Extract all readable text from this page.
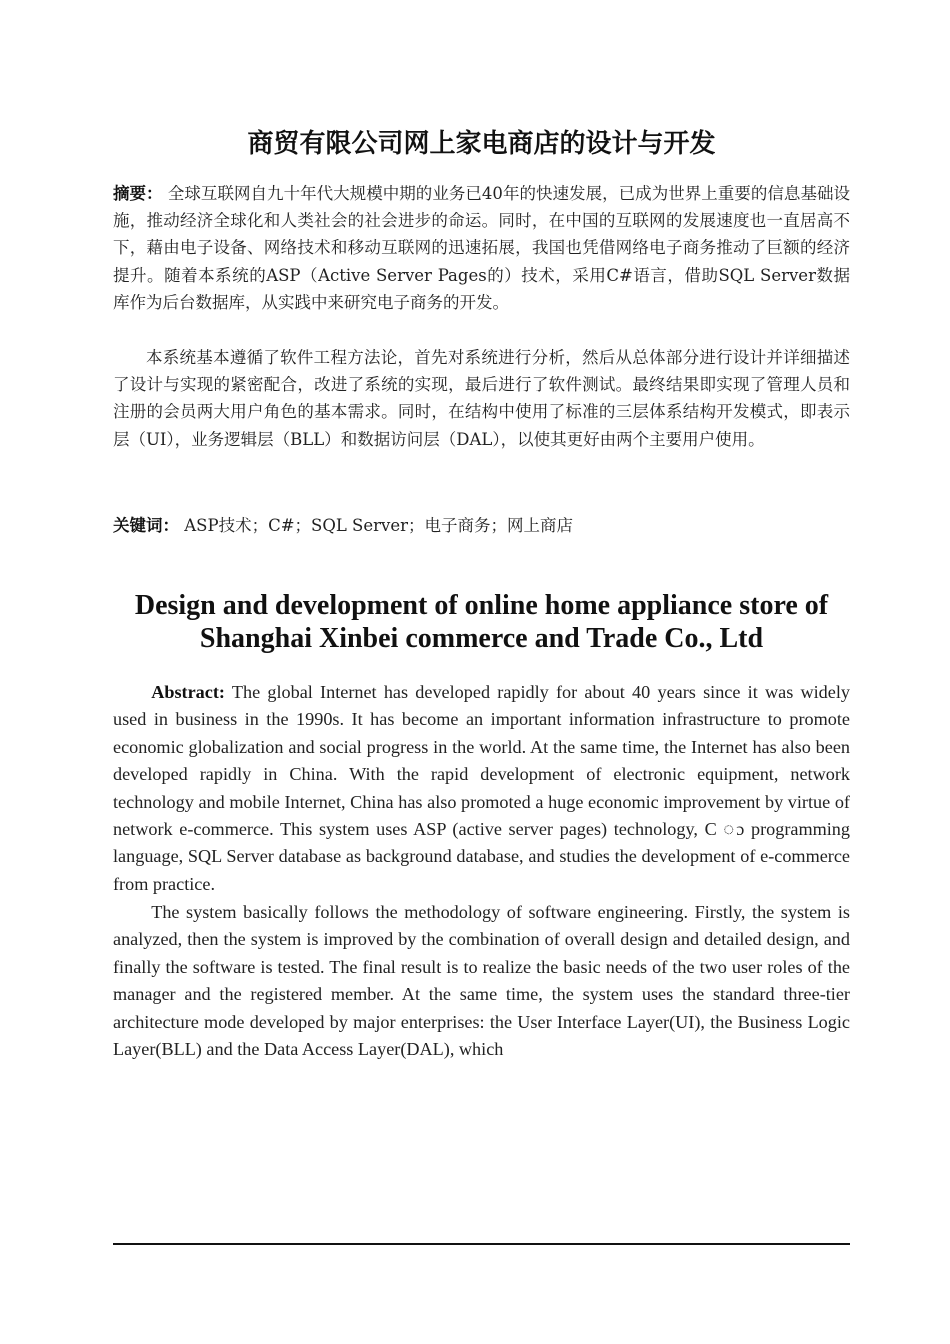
商贸有限公司网上家电商店的设计与开发

摘要： 全球互联网自九十年代大规模中期的业务已40年的快速发展，已成为世界上重要的信息基础设施，推动经济全球化和人类社会的社会进步的命运。同时，在中国的互联网的发展速度也一直居高不下，藉由电子设备、网络技术和移动互联网的迅速拓展，我国也凭借网络电子商务推动了巨额的经济提升。随着本系统的ASP（Active Server Pages的）技术，采用C#语言，借助SQL Server数据库作为后台数据库，从实践中来研究电子商务的开发。

本系统基本遵循了软件工程方法论，首先对系统进行分析，然后从总体部分进行设计并详细描述了设计与实现的紧密配合，改进了系统的实现，最后进行了软件测试。最终结果即实现了管理人员和注册的会员两大用户角色的基本需求。同时，在结构中使用了标准的三层体系结构开发模式，即表示层（UI），业务逻辑层（BLL）和数据访问层（DAL），以使其更好由两个主要用户使用。

关键词： ASP技术；C#；SQL Server；电子商务；网上商店

Design and development of online home appliance store of
Shanghai Xinbei commerce and Trade Co., Ltd

Abstract: The global Internet has developed rapidly for about 40 years since it was widely used in business in the 1990s. It has become an important information infrastructure to promote economic globalization and social progress in the world. At the same time, the Internet has also been developed rapidly in China. With the rapid development of electronic equipment, network technology and mobile Internet, China has also promoted a huge economic improvement by virtue of network e-commerce. This system uses ASP (active server pages) technology, C ◌ɔ programming language, SQL Server database as background database, and studies the development of e-commerce from practice.

The system basically follows the methodology of software engineering. Firstly, the system is analyzed, then the system is improved by the combination of overall design and detailed design, and finally the software is tested. The final result is to realize the basic needs of the two user roles of the manager and the registered member. At the same time, the system uses the standard three-tier architecture mode developed by major enterprises: the User Interface Layer(UI), the Business Logic Layer(BLL) and the Data Access Layer(DAL), which
